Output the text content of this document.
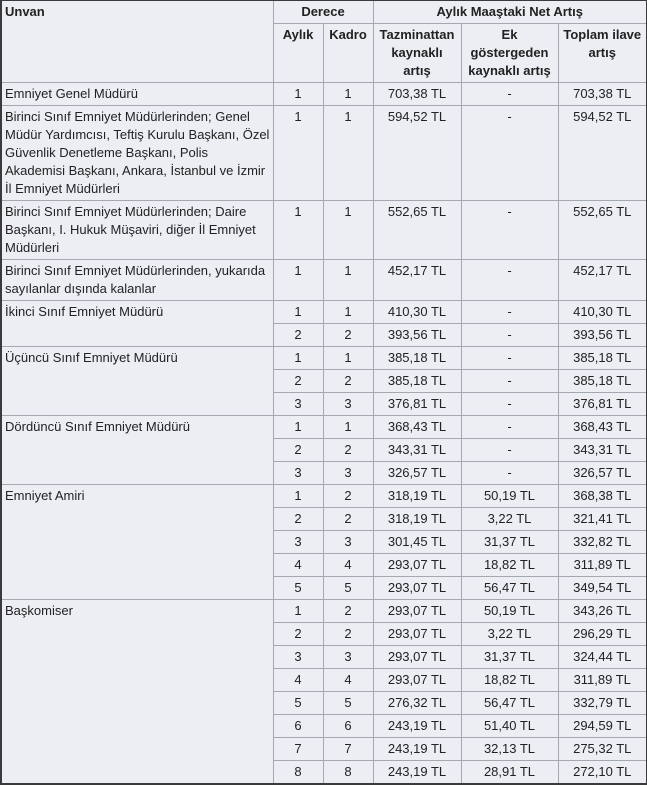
Unvan	Derece		Aylık Maaştaki Net Artış		
	Aylık	Kadro	Tazminattan kaynaklı artış	Ek göstergeden kaynaklı artış	Toplam ilave artış
Emniyet Genel Müdürü	1	1	703,38 TL	-	703,38 TL
Birinci Sınıf Emniyet Müdürlerinden; Genel Müdür Yardımcısı, Teftiş Kurulu Başkanı, Özel Güvenlik Denetleme Başkanı, Polis Akademisi Başkanı, Ankara, İstanbul ve İzmir İl Emniyet Müdürleri	1	1	594,52 TL	-	594,52 TL
Birinci Sınıf Emniyet Müdürlerinden; Daire Başkanı, I. Hukuk Müşaviri, diğer İl Emniyet Müdürleri	1	1	552,65 TL	-	552,65 TL
Birinci Sınıf Emniyet Müdürlerinden, yukarıda sayılanlar dışında kalanlar	1	1	452,17 TL	-	452,17 TL
İkinci Sınıf Emniyet Müdürü	1	1	410,30 TL	-	410,30 TL
	2	2	393,56 TL	-	393,56 TL
Üçüncü Sınıf Emniyet Müdürü	1	1	385,18 TL	-	385,18 TL
	2	2	385,18 TL	-	385,18 TL
	3	3	376,81 TL	-	376,81 TL
Dördüncü Sınıf Emniyet Müdürü	1	1	368,43 TL	-	368,43 TL
	2	2	343,31 TL	-	343,31 TL
	3	3	326,57 TL	-	326,57 TL
Emniyet Amiri	1	2	318,19 TL	50,19 TL	368,38 TL
	2	2	318,19 TL	3,22 TL	321,41 TL
	3	3	301,45 TL	31,37 TL	332,82 TL
	4	4	293,07 TL	18,82 TL	311,89 TL
	5	5	293,07 TL	56,47 TL	349,54 TL
Başkomiser	1	2	293,07 TL	50,19 TL	343,26 TL
	2	2	293,07 TL	3,22 TL	296,29 TL
	3	3	293,07 TL	31,37 TL	324,44 TL
	4	4	293,07 TL	18,82 TL	311,89 TL
	5	5	276,32 TL	56,47 TL	332,79 TL
	6	6	243,19 TL	51,40 TL	294,59 TL
	7	7	243,19 TL	32,13 TL	275,32 TL
	8	8	243,19 TL	28,91 TL	272,10 TL
